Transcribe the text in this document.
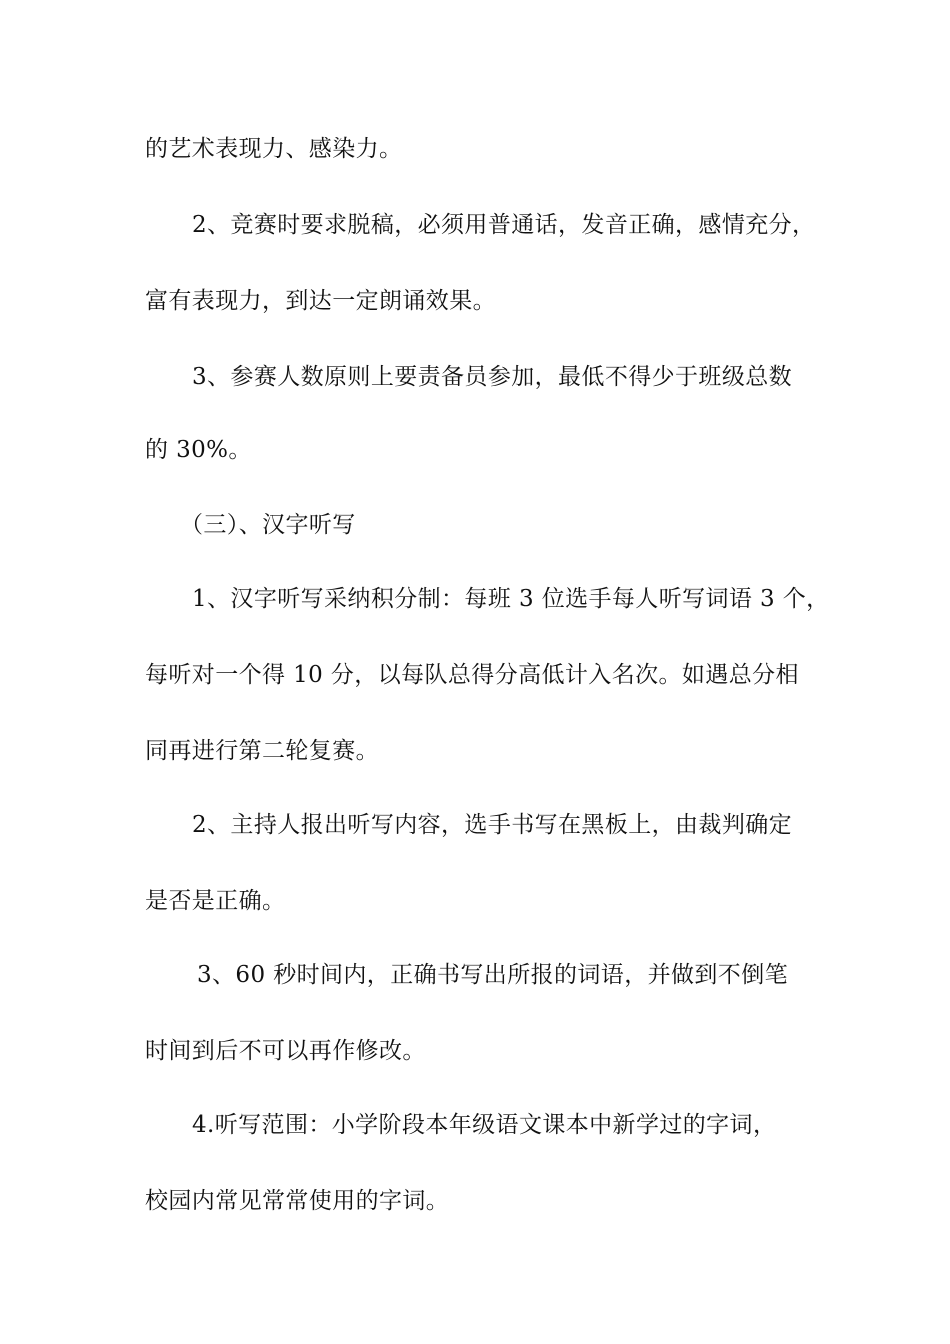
的艺术表现力、感染力。
2、竞赛时要求脱稿，必须用普通话，发音正确，感情充分，
富有表现力，到达一定朗诵效果。
3、参赛人数原则上要责备员参加，最低不得少于班级总数
的 30%。
（三）、汉字听写
1、汉字听写采纳积分制：每班 3 位选手每人听写词语 3 个，
每听对一个得 10 分，以每队总得分高低计入名次。如遇总分相
同再进行第二轮复赛。
2、主持人报出听写内容，选手书写在黑板上，由裁判确定
是否是正确。
3、60 秒时间内，正确书写出所报的词语，并做到不倒笔
时间到后不可以再作修改。
4.听写范围：小学阶段本年级语文课本中新学过的字词，
校园内常见常常使用的字词。
